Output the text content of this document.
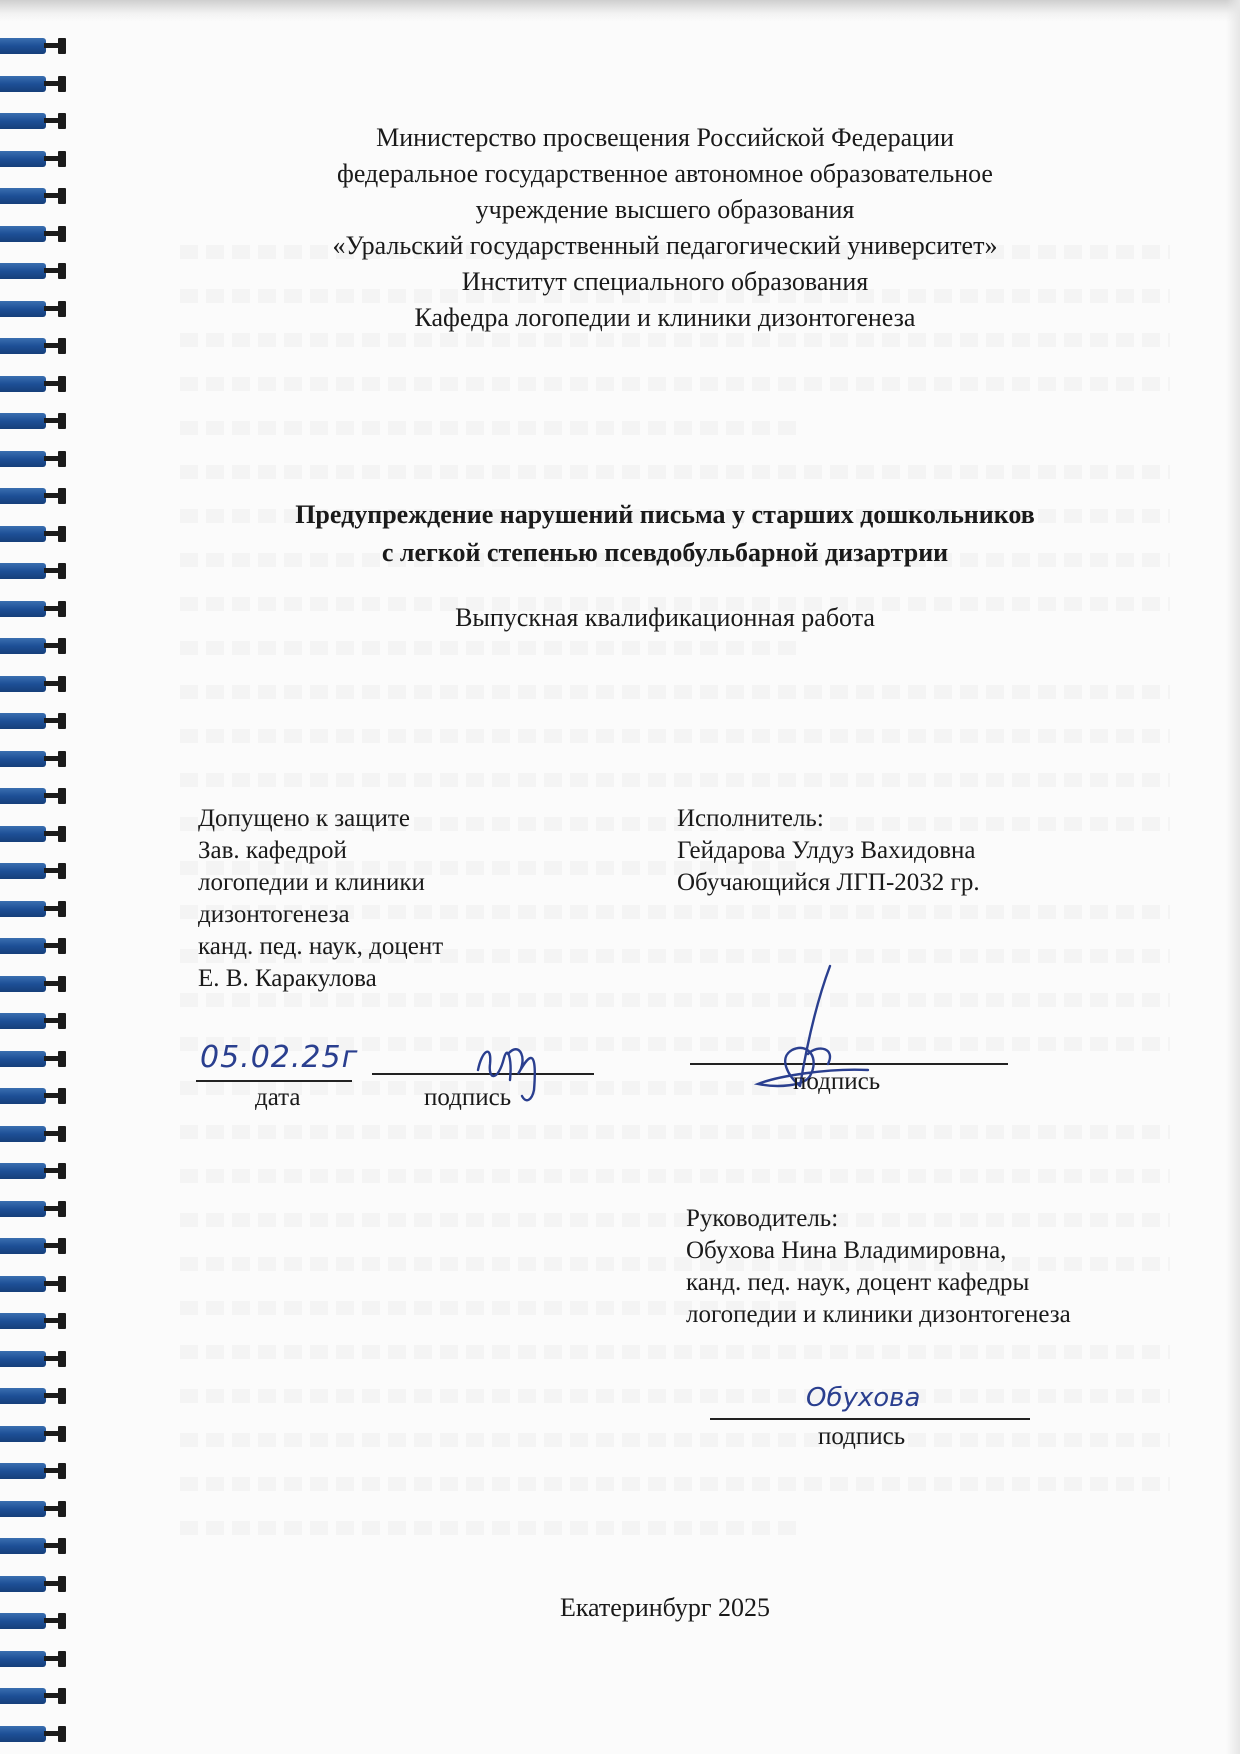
Министерство просвещения Российской Федерации
федеральное государственное автономное образовательное
учреждение высшего образования
«Уральский государственный педагогический университет»
Институт специального образования
Кафедра логопедии и клиники дизонтогенеза
Предупреждение нарушений письма у старших дошкольников
с легкой степенью псевдобульбарной дизартрии
Выпускная квалификационная работа
Допущено к защите
Зав. кафедрой
логопедии и клиники
дизонтогенеза
канд. пед. наук, доцент
Е. В. Каракулова
Исполнитель:
Гейдарова Улдуз Вахидовна
Обучающийся ЛГП-2032 гр.
05.02.25г
дата	подпись
подпись
Руководитель:
Обухова Нина Владимировна,
канд. пед. наук, доцент кафедры
логопедии и клиники дизонтогенеза
Обухова
подпись
Екатеринбург 2025
